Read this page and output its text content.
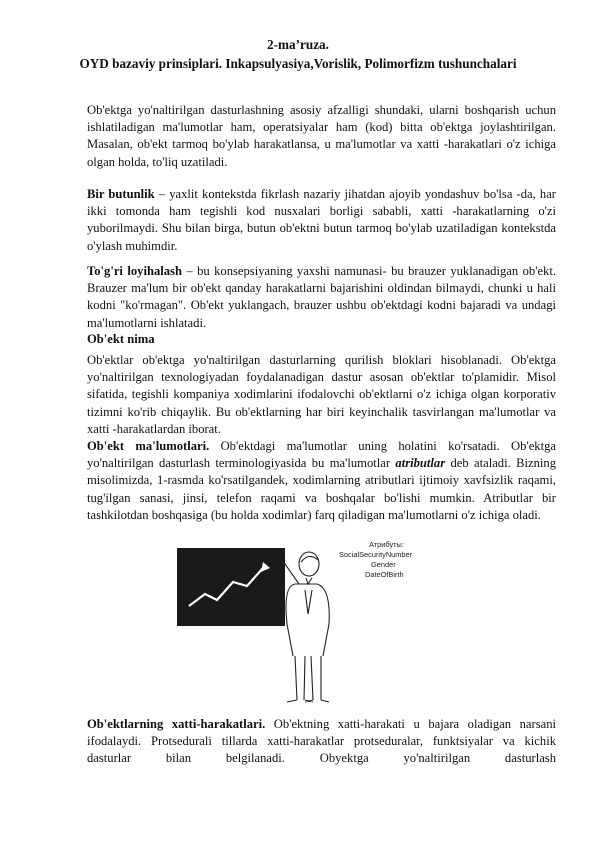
2-ma’ruza.
OYD bazaviy prinsiplari. Inkapsulyasiya,Vorislik, Polimorfizm tushunchalari

Ob'ektga yo'naltirilgan dasturlashning asosiy afzalligi shundaki, ularni boshqarish uchun ishlatiladigan ma'lumotlar ham, operatsiyalar ham (kod) bitta ob'ektga joylashtirilgan. Masalan, ob'ekt tarmoq bo'ylab harakatlansa, u ma'lumotlar va xatti -harakatlari o'z ichiga olgan holda, to'liq uzatiladi.

Bir butunlik – yaxlit kontekstda fikrlash nazariy jihatdan ajoyib yondashuv bo'lsa -da, har ikki tomonda ham tegishli kod nusxalari borligi sababli, xatti -harakatlarning o'zi yuborilmaydi. Shu bilan birga, butun ob'ektni butun tarmoq bo'ylab uzatiladigan kontekstda o'ylash muhimdir.

To'g'ri loyihalash – bu konsepsiyaning yaxshi namunasi- bu brauzer yuklanadigan ob'ekt. Brauzer ma'lum bir ob'ekt qanday harakatlarni bajarishini oldindan bilmaydi, chunki u hali kodni "ko'rmagan". Ob'ekt yuklangach, brauzer ushbu ob'ektdagi kodni bajaradi va undagi ma'lumotlarni ishlatadi.

Ob'ekt nima

Ob'ektlar ob'ektga yo'naltirilgan dasturlarning qurilish bloklari hisoblanadi. Ob'ektga yo'naltirilgan texnologiyadan foydalanadigan dastur asosan ob'ektlar to'plamidir. Misol sifatida, tegishli kompaniya xodimlarini ifodalovchi ob'ektlarni o'z ichiga olgan korporativ tizimni ko'rib chiqaylik. Bu ob'ektlarning har biri keyinchalik tasvirlangan ma'lumotlar va xatti -harakatlardan iborat.

Ob'ekt ma'lumotlari. Ob'ektdagi ma'lumotlar uning holatini ko'rsatadi. Ob'ektga yo'naltirilgan dasturlash terminologiyasida bu ma'lumotlar atributlar deb ataladi. Bizning misolimizda, 1-rasmda ko'rsatilgandek, xodimlarning atributlari ijtimoiy xavfsizlik raqami, tug'ilgan sanasi, jinsi, telefon raqami va boshqalar bo'lishi mumkin. Atributlar bir tashkilotdan boshqasiga (bu holda xodimlar) farq qiladigan ma'lumotlarni o'z ichiga oladi.

Атрибуты:
SocialSecurityNumber
Gender
DateOfBirth

Ob'ektlarning xatti-harakatlari. Ob'ektning xatti-harakati u bajara oladigan narsani ifodalaydi. Protsedurali tillarda xatti-harakatlar protseduralar, funktsiyalar va kichik dasturlar bilan belgilanadi. Obyektga yo'naltirilgan dasturlash
